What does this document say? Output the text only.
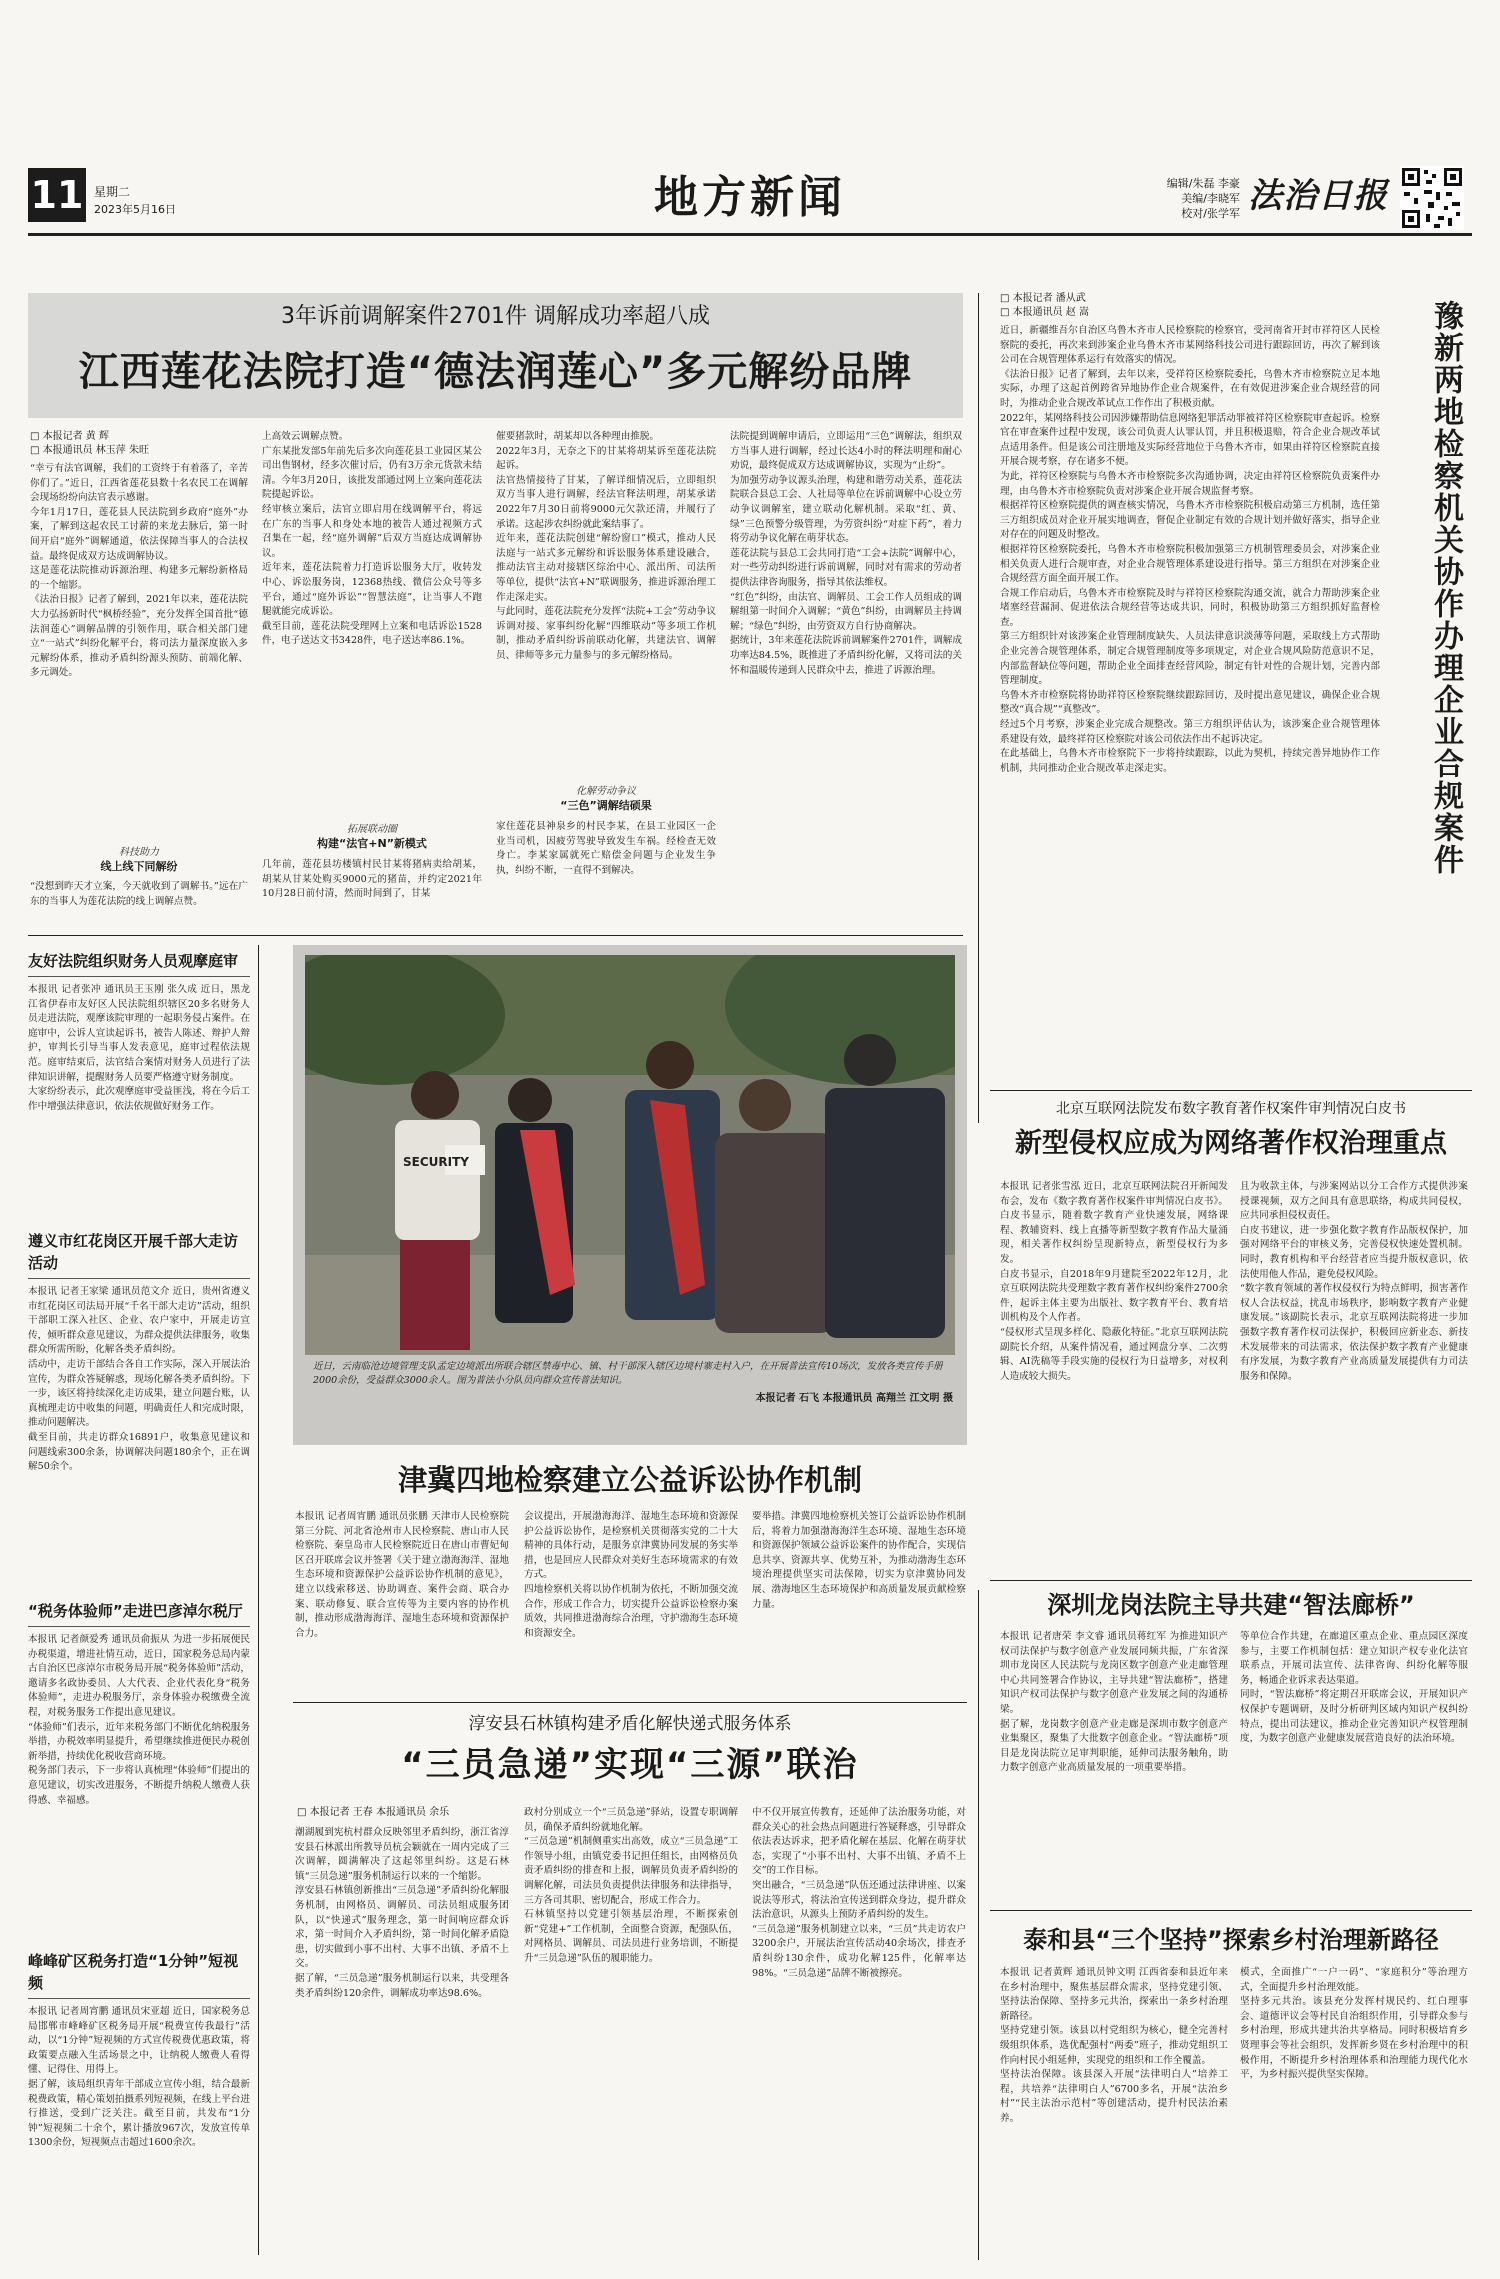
11 星期二
2023年5月16日	地方新闻	编辑/朱磊 李豪
美编/李晓军
校对/张学军 法治日报
3年诉前调解案件2701件 调解成功率超八成
江西莲花法院打造“德法润莲心”多元解纷品牌
□ 本报记者 黄 辉
□ 本报通讯员 林玉萍 朱旺
“幸亏有法官调解，我们的工资终于有着落了，辛苦你们了。”近日，江西省莲花县数十名农民工在调解会现场纷纷向法官表示感谢。
今年1月17日，莲花县人民法院到乡政府“庭外”办案，了解到这起农民工讨薪的来龙去脉后，第一时间开启“庭外”调解通道，依法保障当事人的合法权益。最终促成双方达成调解协议。
这是莲花法院推动诉源治理、构建多元解纷新格局的一个缩影。
《法治日报》记者了解到，2021年以来，莲花法院大力弘扬新时代“枫桥经验”，充分发挥全国首批“德法润莲心”调解品牌的引领作用，联合相关部门建立“一站式”纠纷化解平台，将司法力量深度嵌入多元解纷体系，推动矛盾纠纷源头预防、前端化解、多元调处。
科技助力
线上线下同解纷
“没想到昨天才立案，今天就收到了调解书。”远在广东的当事人为莲花法院的线上调解点赞。
上高效云调解点赞。
广东某批发部5年前先后多次向莲花县工业园区某公司出售钢材，经多次催讨后，仍有3万余元货款未结清。今年3月20日，该批发部通过网上立案向莲花法院提起诉讼。
经审核立案后，法官立即启用在线调解平台，将远在广东的当事人和身处本地的被告人通过视频方式召集在一起，经“庭外调解”后双方当庭达成调解协议。
近年来，莲花法院着力打造诉讼服务大厅，收转发中心、诉讼服务岗，12368热线、微信公众号等多平台，通过“庭外诉讼”“智慧法庭”，让当事人不跑腿就能完成诉讼。
截至目前，莲花法院受理网上立案和电话诉讼1528件，电子送达文书3428件，电子送达率86.1%。
拓展联动圈
构建“法官+N”新模式
几年前，莲花县坊楼镇村民甘某将猪病卖给胡某，胡某从甘某处购买9000元的猪苗，并约定2021年10月28日前付清，然而时间到了，甘某
催要猪款时，胡某却以各种理由推脱。
2022年3月，无奈之下的甘某将胡某诉至莲花法院起诉。
法官热情接待了甘某，了解详细情况后，立即组织双方当事人进行调解，经法官释法明理，胡某承诺2022年7月30日前将9000元欠款还清，并履行了承诺。这起涉农纠纷就此案结事了。
近年来，莲花法院创建“解纷窗口”模式，推动人民法庭与一站式多元解纷和诉讼服务体系建设融合，推动法官主动对接辖区综治中心、派出所、司法所等单位，提供“法官+N”联调服务，推进诉源治理工作走深走实。
与此同时，莲花法院充分发挥“法院+工会”劳动争议诉调对接、家事纠纷化解“四维联动”等多项工作机制，推动矛盾纠纷诉前联动化解，共建法官、调解员、律师等多元力量参与的多元解纷格局。
化解劳动争议
“三色”调解结硕果
家住莲花县神泉乡的村民李某，在县工业园区一企业当司机，因疲劳驾驶导致发生车祸。经检查无效身亡。李某家属就死亡赔偿金问题与企业发生争执，纠纷不断，一直得不到解决。
法院提到调解申请后，立即运用“三色”调解法，组织双方当事人进行调解，经过长达4小时的释法明理和耐心劝说，最终促成双方达成调解协议，实现为“止纷”。
为加强劳动争议源头治理，构建和谐劳动关系，莲花法院联合县总工会、人社局等单位在诉前调解中心设立劳动争议调解室，建立联动化解机制。采取“红、黄、绿”三色预警分级管理，为劳资纠纷“对症下药”，着力将劳动争议化解在萌芽状态。
莲花法院与县总工会共同打造“工会+法院”调解中心，对一些劳动纠纷进行诉前调解，同时对有需求的劳动者提供法律咨询服务，指导其依法维权。
“红色”纠纷，由法官、调解员、工会工作人员组成的调解组第一时间介入调解；“黄色”纠纷，由调解员主持调解；“绿色”纠纷，由劳资双方自行协商解决。
据统计，3年来莲花法院诉前调解案件2701件，调解成功率达84.5%，既推进了矛盾纠纷化解，又将司法的关怀和温暖传递到人民群众中去，推进了诉源治理。
□ 本报记者 潘从武
□ 本报通讯员 赵 嵩
近日，新疆维吾尔自治区乌鲁木齐市人民检察院的检察官，受河南省开封市祥符区人民检察院的委托，再次来到涉案企业乌鲁木齐市某网络科技公司进行跟踪回访，再次了解到该公司在合规管理体系运行有效落实的情况。
《法治日报》记者了解到，去年以来，受祥符区检察院委托，乌鲁木齐市检察院立足本地实际，办理了这起首例跨省异地协作企业合规案件，在有效促进涉案企业合规经营的同时，为推动企业合规改革试点工作作出了积极贡献。
2022年，某网络科技公司因涉嫌帮助信息网络犯罪活动罪被祥符区检察院审查起诉。检察官在审查案件过程中发现，该公司负责人认罪认罚，并且积极退赔，符合企业合规改革试点适用条件。但是该公司注册地及实际经营地位于乌鲁木齐市，如果由祥符区检察院直接开展合规考察，存在诸多不便。
为此，祥符区检察院与乌鲁木齐市检察院多次沟通协调，决定由祥符区检察院负责案件办理，由乌鲁木齐市检察院负责对涉案企业开展合规监督考察。
根据祥符区检察院提供的调查核实情况，乌鲁木齐市检察院积极启动第三方机制，选任第三方组织成员对企业开展实地调查，督促企业制定有效的合规计划并做好落实，指导企业对存在的问题及时整改。
根据祥符区检察院委托，乌鲁木齐市检察院积极加强第三方机制管理委员会，对涉案企业相关负责人进行合规审查，对企业合规管理体系建设进行指导。第三方组织在对涉案企业合规经营方面全面开展工作。
合规工作启动后，乌鲁木齐市检察院及时与祥符区检察院沟通交流，就合力帮助涉案企业堵塞经营漏洞、促进依法合规经营等达成共识，同时，积极协助第三方组织抓好监督检查。
第三方组织针对该涉案企业管理制度缺失、人员法律意识淡薄等问题，采取线上方式帮助企业完善合规管理体系，制定合规管理制度等多项规定，对企业合规风险防范意识不足，内部监督缺位等问题，帮助企业全面排查经营风险，制定有针对性的合规计划，完善内部管理制度。
乌鲁木齐市检察院将协助祥符区检察院继续跟踪回访，及时提出意见建议，确保企业合规整改“真合规”“真整改”。
经过5个月考察，涉案企业完成合规整改。第三方组织评估认为，该涉案企业合规管理体系建设有效，最终祥符区检察院对该公司依法作出不起诉决定。
在此基础上，乌鲁木齐市检察院下一步将持续跟踪，以此为契机，持续完善异地协作工作机制，共同推动企业合规改革走深走实。	豫新两地检察机关协作办理企业合规案件
北京互联网法院发布数字教育著作权案件审判情况白皮书
新型侵权应成为网络著作权治理重点
本报讯 记者张雪泓 近日，北京互联网法院召开新闻发布会，发布《数字教育著作权案件审判情况白皮书》。白皮书显示，随着数字教育产业快速发展，网络课程、教辅资料、线上直播等新型数字教育作品大量涌现，相关著作权纠纷呈现新特点，新型侵权行为多发。
白皮书显示，自2018年9月建院至2022年12月，北京互联网法院共受理数字教育著作权纠纷案件2700余件，起诉主体主要为出版社、数字教育平台、教育培训机构及个人作者。
“侵权形式呈现多样化、隐蔽化特征。”北京互联网法院副院长介绍，从案件情况看，通过网盘分享、二次剪辑、AI洗稿等手段实施的侵权行为日益增多，对权利人造成较大损失。
且为收款主体，与涉案网站以分工合作方式提供涉案授课视频，双方之间具有意思联络，构成共同侵权，应共同承担侵权责任。
白皮书建议，进一步强化数字教育作品版权保护，加强对网络平台的审核义务，完善侵权快速处置机制。同时，教育机构和平台经营者应当提升版权意识，依法使用他人作品，避免侵权风险。
“数字教育领域的著作权侵权行为特点鲜明，损害著作权人合法权益，扰乱市场秩序，影响数字教育产业健康发展。”该副院长表示，北京互联网法院将进一步加强数字教育著作权司法保护，积极回应新业态、新技术发展带来的司法需求，依法保护数字教育产业健康有序发展，为数字教育产业高质量发展提供有力司法服务和保障。
友好法院组织财务人员观摩庭审
本报讯 记者张冲 通讯员王玉刚 张久成 近日，黑龙江省伊春市友好区人民法院组织辖区20多名财务人员走进法院，观摩该院审理的一起职务侵占案件。在庭审中，公诉人宣读起诉书，被告人陈述、辩护人辩护，审判长引导当事人发表意见，庭审过程依法规范。庭审结束后，法官结合案情对财务人员进行了法律知识讲解，提醒财务人员要严格遵守财务制度。
大家纷纷表示，此次观摩庭审受益匪浅，将在今后工作中增强法律意识，依法依规做好财务工作。
遵义市红花岗区开展千部大走访活动
本报讯 记者王家梁 通讯员范文介 近日，贵州省遵义市红花岗区司法局开展“千名干部大走访”活动，组织干部职工深入社区、企业、农户家中，开展走访宣传，倾听群众意见建议，为群众提供法律服务，收集群众所需所盼，化解各类矛盾纠纷。
活动中，走访干部结合各自工作实际，深入开展法治宣传，为群众答疑解惑，现场化解各类矛盾纠纷。下一步，该区将持续深化走访成果，建立问题台账，认真梳理走访中收集的问题，明确责任人和完成时限，推动问题解决。
截至目前，共走访群众16891户，收集意见建议和问题线索300余条，协调解决问题180余个，正在调解50余个。
“税务体验师”走进巴彦淖尔税厅
本报讯 记者颜爱秀 通讯员俞振从 为进一步拓展便民办税渠道，增进社情互动，近日，国家税务总局内蒙古自治区巴彦淖尔市税务局开展“税务体验师”活动，邀请多名政协委员、人大代表、企业代表化身“税务体验师”，走进办税服务厅，亲身体验办税缴费全流程，对税务服务工作提出意见建议。
“体验师”们表示，近年来税务部门不断优化纳税服务举措，办税效率明显提升，希望继续推进便民办税创新举措，持续优化税收营商环境。
税务部门表示，下一步将认真梳理“体验师”们提出的意见建议，切实改进服务，不断提升纳税人缴费人获得感、幸福感。
峰峰矿区税务打造“1分钟”短视频
本报讯 记者周宵鹏 通讯员宋亚超 近日，国家税务总局邯郸市峰峰矿区税务局开展“税费宣传我最行”活动，以“1分钟”短视频的方式宣传税费优惠政策，将政策要点融入生活场景之中，让纳税人缴费人看得懂、记得住、用得上。
据了解，该局组织青年干部成立宣传小组，结合最新税费政策，精心策划拍摄系列短视频，在线上平台进行推送，受到广泛关注。截至目前，共发布“1分钟”短视频二十余个，累计播放967次，发放宣传单1300余份，短视频点击超过1600余次。
SECURITY
近日，云南临沧边境管理支队孟定边境派出所联合辖区禁毒中心、镇、村干部深入辖区边境村寨走村入户，在开展普法宣传10场次，发放各类宣传手册2000余份，受益群众3000余人。图为普法小分队员向群众宣传普法知识。
本报记者 石飞 本报通讯员 高翔兰 江文明 摄
津冀四地检察建立公益诉讼协作机制
本报讯 记者周宵鹏 通讯员张鹏 天津市人民检察院第三分院、河北省沧州市人民检察院、唐山市人民检察院、秦皇岛市人民检察院近日在唐山市曹妃甸区召开联席会议并签署《关于建立渤海海洋、湿地生态环境和资源保护公益诉讼协作机制的意见》，建立以线索移送、协助调查、案件会商、联合办案、联动修复、联合宣传等为主要内容的协作机制，推动形成渤海海洋、湿地生态环境和资源保护合力。
会议提出，开展渤海海洋、湿地生态环境和资源保护公益诉讼协作，是检察机关贯彻落实党的二十大精神的具体行动，是服务京津冀协同发展的务实举措，也是回应人民群众对美好生态环境需求的有效方式。
四地检察机关将以协作机制为依托，不断加强交流合作，形成工作合力，切实提升公益诉讼检察办案质效，共同推进渤海综合治理，守护渤海生态环境和资源安全。
要举措。津冀四地检察机关签订公益诉讼协作机制后，将着力加强渤海海洋生态环境、湿地生态环境和资源保护领域公益诉讼案件的协作配合，实现信息共享、资源共享、优势互补，为推动渤海生态环境治理提供坚实司法保障，切实为京津冀协同发展、渤海地区生态环境保护和高质量发展贡献检察力量。
淳安县石林镇构建矛盾化解快递式服务体系
“三员急递”实现“三源”联治
□ 本报记者 王春 本报通讯员 余乐
潮湖履到宪杭村群众反映邻里矛盾纠纷，浙江省淳安县石林派出所教导员杭会颖就在一周内完成了三次调解，圆满解决了这起邻里纠纷。这是石林镇“三员急递”服务机制运行以来的一个缩影。
淳安县石林镇创新推出“三员急递”矛盾纠纷化解服务机制，由网格员、调解员、司法员组成服务团队，以“快递式”服务理念，第一时间响应群众诉求，第一时间介入矛盾纠纷，第一时间化解矛盾隐患，切实做到小事不出村、大事不出镇、矛盾不上交。
据了解，“三员急递”服务机制运行以来，共受理各类矛盾纠纷120余件，调解成功率达98.6%。
政村分别成立一个“三员急递”驿站，设置专职调解员，确保矛盾纠纷就地化解。
“三员急递”机制侧重实出高效，成立“三员急递”工作领导小组，由镇党委书记担任组长，由网格员负责矛盾纠纷的排查和上报，调解员负责矛盾纠纷的调解化解，司法员负责提供法律服务和法律指导，三方各司其职、密切配合，形成工作合力。
石林镇坚持以党建引领基层治理，不断探索创新“党建+”工作机制，全面整合资源，配强队伍，对网格员、调解员、司法员进行业务培训，不断提升“三员急递”队伍的履职能力。
中不仅开展宣传教育，还延伸了法治服务功能，对群众关心的社会热点问题进行答疑释惑，引导群众依法表达诉求，把矛盾化解在基层、化解在萌芽状态，实现了“小事不出村、大事不出镇、矛盾不上交”的工作目标。
突出融合，“三员急递”队伍还通过法律讲座、以案说法等形式，将法治宣传送到群众身边，提升群众法治意识，从源头上预防矛盾纠纷的发生。
“三员急递”服务机制建立以来，“三员”共走访农户3200余户，开展法治宣传活动40余场次，排查矛盾纠纷130余件，成功化解125件，化解率达98%。“三员急递”品牌不断被擦亮。
深圳龙岗法院主导共建“智法廊桥”
本报讯 记者唐荣 李文睿 通讯员蒋红军 为推进知识产权司法保护与数字创意产业发展同频共振，广东省深圳市龙岗区人民法院与龙岗区数字创意产业走廊管理中心共同签署合作协议，主导共建“智法廊桥”，搭建知识产权司法保护与数字创意产业发展之间的沟通桥梁。
据了解，龙岗数字创意产业走廊是深圳市数字创意产业集聚区，聚集了大批数字创意企业。“智法廊桥”项目是龙岗法院立足审判职能，延伸司法服务触角，助力数字创意产业高质量发展的一项重要举措。
等单位合作共建，在廊道区重点企业、重点园区深度参与，主要工作机制包括：建立知识产权专业化法官联系点，开展司法宣传、法律咨询、纠纷化解等服务，畅通企业诉求表达渠道。
同时，“智法廊桥”将定期召开联席会议，开展知识产权保护专题调研，及时分析研判区域内知识产权纠纷特点，提出司法建议，推动企业完善知识产权管理制度，为数字创意产业健康发展营造良好的法治环境。
泰和县“三个坚持”探索乡村治理新路径
本报讯 记者黄辉 通讯员钟文明 江西省泰和县近年来在乡村治理中，聚焦基层群众需求，坚持党建引领、坚持法治保障、坚持多元共治，探索出一条乡村治理新路径。
坚持党建引领。该县以村党组织为核心，健全完善村级组织体系，选优配强村“两委”班子，推动党组织工作向村民小组延伸，实现党的组织和工作全覆盖。
坚持法治保障。该县深入开展“法律明白人”培养工程，共培养“法律明白人”6700多名，开展“法治乡村”“民主法治示范村”等创建活动，提升村民法治素养。
模式，全面推广“一户一码”、“家庭积分”等治理方式，全面提升乡村治理效能。
坚持多元共治。该县充分发挥村规民约、红白理事会、道德评议会等村民自治组织作用，引导群众参与乡村治理，形成共建共治共享格局。同时积极培育乡贤理事会等社会组织，发挥新乡贤在乡村治理中的积极作用，不断提升乡村治理体系和治理能力现代化水平，为乡村振兴提供坚实保障。
